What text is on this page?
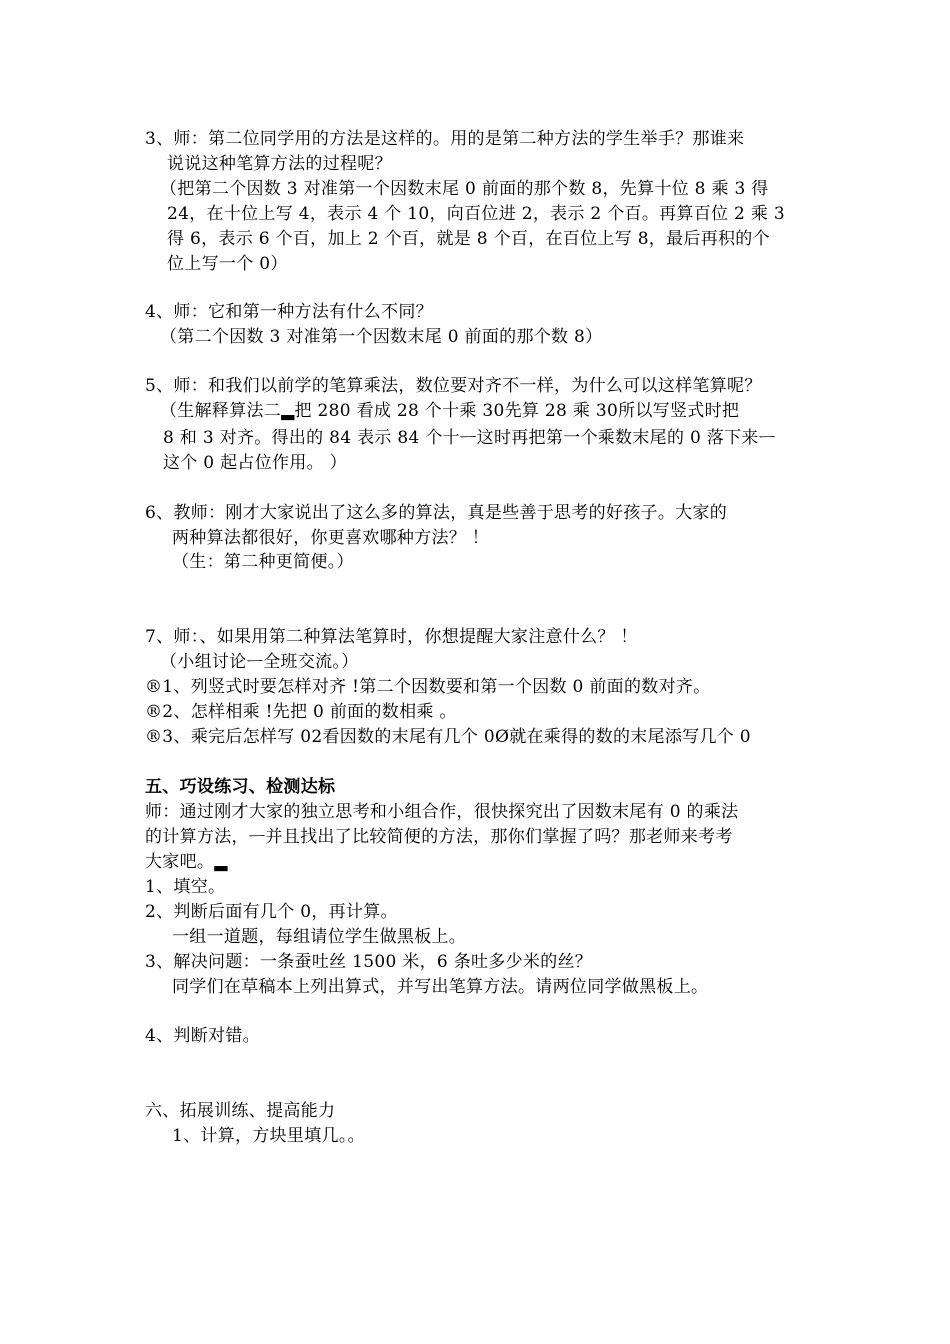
3、师：第二位同学用的方法是这样的。用的是第二种方法的学生举手？那谁来
说说这种笔算方法的过程呢？
（把第二个因数 3 对准第一个因数末尾 0 前面的那个数 8，先算十位 8 乘 3 得
24，在十位上写 4，表示 4 个 10，向百位进 2，表示 2 个百。再算百位 2 乘 3
得 6，表示 6 个百，加上 2 个百，就是 8 个百，在百位上写 8，最后再积的个
位上写一个 0）
4、师：它和第一种方法有什么不同？
（第二个因数 3 对准第一个因数末尾 0 前面的那个数 8）
5、师：和我们以前学的笔算乘法，数位要对齐不一样，为什么可以这样笔算呢？
（生解释算法二▂把 280 看成 28 个十乘 30先算 28 乘 30所以写竖式时把
8 和 3 对齐。得出的 84 表示 84 个十ᅳ这时再把第一个乘数末尾的 0 落下来ᅳ
这个 0 起占位作用。 ）
6、教师：刚才大家说出了这么多的算法，真是些善于思考的好孩子。大家的
两种算法都很好，你更喜欢哪种方法？ ！
（生：第二种更简便。）
7、师：、如果用第二种算法笔算时，你想提醒大家注意什么？ ！
（小组讨论ᅳ全班交流。）
®1、列竖式时要怎样对齐 !第二个因数要和第一个因数 0 前面的数对齐。
®2、怎样相乘 !先把 0 前面的数相乘 。
®3、乘完后怎样写 02看因数的末尾有几个 0Ø就在乘得的数的末尾添写几个 0
五、巧设练习、检测达标
师：通过刚才大家的独立思考和小组合作，很快探究出了因数末尾有 0 的乘法
的计算方法，ᅳ并且找出了比较简便的方法，那你们掌握了吗？那老师来考考
大家吧。▂
1、填空。
2、判断后面有几个 0，再计算。
一组一道题，每组请位学生做黑板上。
3、解决问题：一条蚕吐丝 1500 米，6 条吐多少米的丝？
同学们在草稿本上列出算式，并写出笔算方法。请两位同学做黑板上。
4、判断对错。
六、拓展训练、提高能力
1、计算，方块里填几。。
